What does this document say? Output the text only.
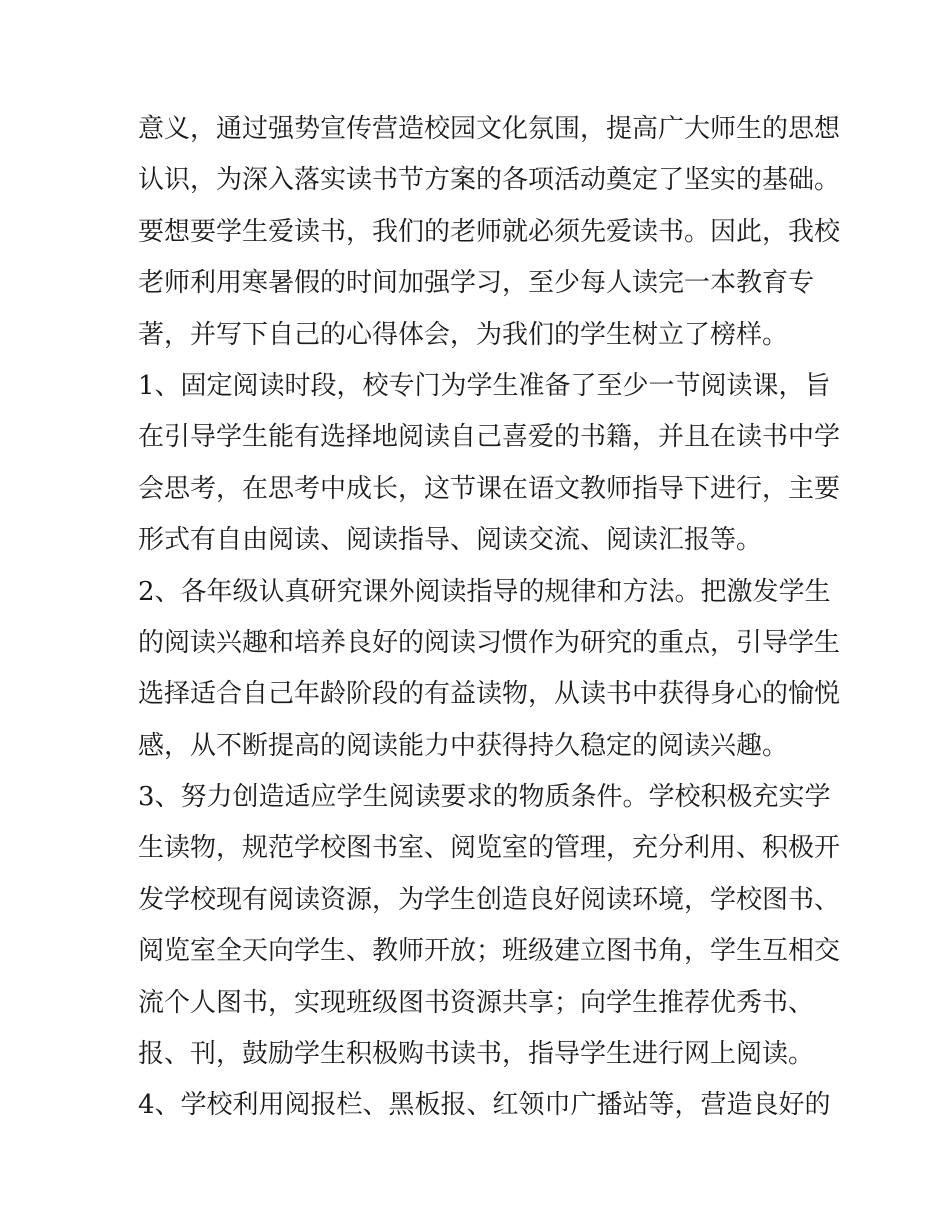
意义，通过强势宣传营造校园文化氛围，提高广大师生的思想
认识，为深入落实读书节方案的各项活动奠定了坚实的基础。
要想要学生爱读书，我们的老师就必须先爱读书。因此，我校
老师利用寒暑假的时间加强学习，至少每人读完一本教育专
著，并写下自己的心得体会，为我们的学生树立了榜样。
1、固定阅读时段，校专门为学生准备了至少一节阅读课，旨
在引导学生能有选择地阅读自己喜爱的书籍，并且在读书中学
会思考，在思考中成长，这节课在语文教师指导下进行，主要
形式有自由阅读、阅读指导、阅读交流、阅读汇报等。
2、各年级认真研究课外阅读指导的规律和方法。把激发学生
的阅读兴趣和培养良好的阅读习惯作为研究的重点，引导学生
选择适合自己年龄阶段的有益读物，从读书中获得身心的愉悦
感，从不断提高的阅读能力中获得持久稳定的阅读兴趣。
3、努力创造适应学生阅读要求的物质条件。学校积极充实学
生读物，规范学校图书室、阅览室的管理，充分利用、积极开
发学校现有阅读资源，为学生创造良好阅读环境，学校图书、
阅览室全天向学生、教师开放；班级建立图书角，学生互相交
流个人图书，实现班级图书资源共享；向学生推荐优秀书、
报、刊，鼓励学生积极购书读书，指导学生进行网上阅读。
4、学校利用阅报栏、黑板报、红领巾广播站等，营造良好的
